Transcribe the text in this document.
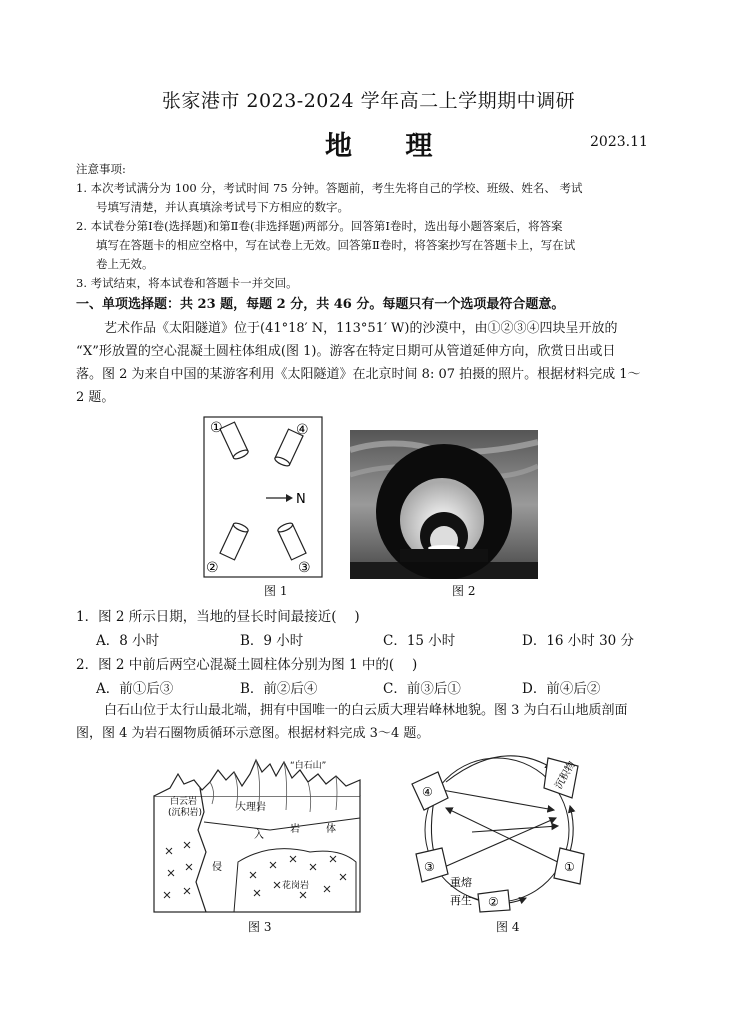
张家港市 2023-2024 学年高二上学期期中调研
地 理	2023.11
注意事项:
1. 本次考试满分为 100 分，考试时间 75 分钟。答题前，考生先将自己的学校、班级、姓名、 考试
号填写清楚，并认真填涂考试号下方相应的数字。
2. 本试卷分第Ⅰ卷(选择题)和第Ⅱ卷(非选择题)两部分。回答第Ⅰ卷时，选出每小题答案后，将答案
填写在答题卡的相应空格中，写在试卷上无效。回答第Ⅱ卷时，将答案抄写在答题卡上，写在试
卷上无效。
3. 考试结束，将本试卷和答题卡一并交回。
一、单项选择题：共 23 题，每题 2 分，共 46 分。每题只有一个选项最符合题意。
艺术作品《太阳隧道》位于(41°18′ N，113°51′ W)的沙漠中，由①②③④四块呈开放的
“X”形放置的空心混凝土圆柱体组成(图 1)。游客在特定日期可从管道延伸方向，欣赏日出或日
落。图 2 为来自中国的某游客利用《太阳隧道》在北京时间 8: 07 拍摄的照片。根据材料完成 1～
2 题。
N
①	④
②	③
图 1	图 2
1．图 2 所示日期，当地的昼长时间最接近(　 )
A．8 小时	B．9 小时	C．15 小时	D．16 小时 30 分
2．图 2 中前后两空心混凝土圆柱体分别为图 1 中的(　 )
A．前①后③	B．前②后④	C．前③后①	D．前④后②
白石山位于太行山最北端，拥有中国唯一的白云质大理岩峰林地貌。图 3 为白石山地质剖面
图，图 4 为岩石圈物质循环示意图。根据材料完成 3～4 题。
“白石山”
白云岩
(沉积岩)	大理岩
入
岩	体
侵
花岗岩
图 3
④
沉积物
③	①
②
重熔
再生
图 4
